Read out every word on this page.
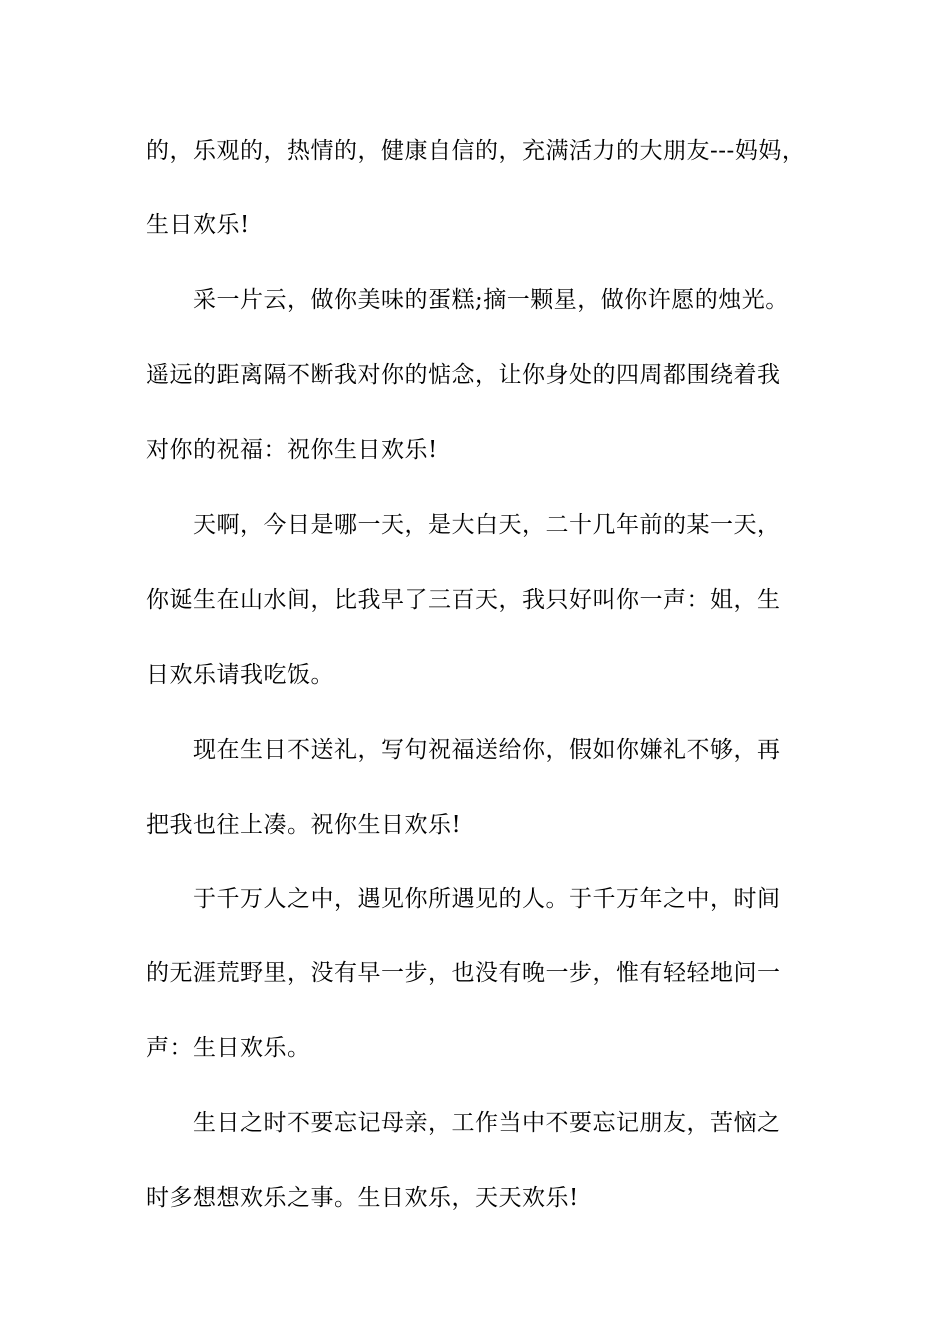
的，乐观的，热情的，健康自信的，充满活力的大朋友---妈妈，

生日欢乐!

采一片云，做你美味的蛋糕;摘一颗星，做你许愿的烛光。

遥远的距离隔不断我对你的惦念，让你身处的四周都围绕着我

对你的祝福：祝你生日欢乐!

天啊，今日是哪一天，是大白天，二十几年前的某一天，

你诞生在山水间，比我早了三百天，我只好叫你一声：姐，生

日欢乐请我吃饭。

现在生日不送礼，写句祝福送给你，假如你嫌礼不够，再

把我也往上凑。祝你生日欢乐!

于千万人之中，遇见你所遇见的人。于千万年之中，时间

的无涯荒野里，没有早一步，也没有晚一步，惟有轻轻地问一

声：生日欢乐。

生日之时不要忘记母亲，工作当中不要忘记朋友，苦恼之

时多想想欢乐之事。生日欢乐，天天欢乐!
